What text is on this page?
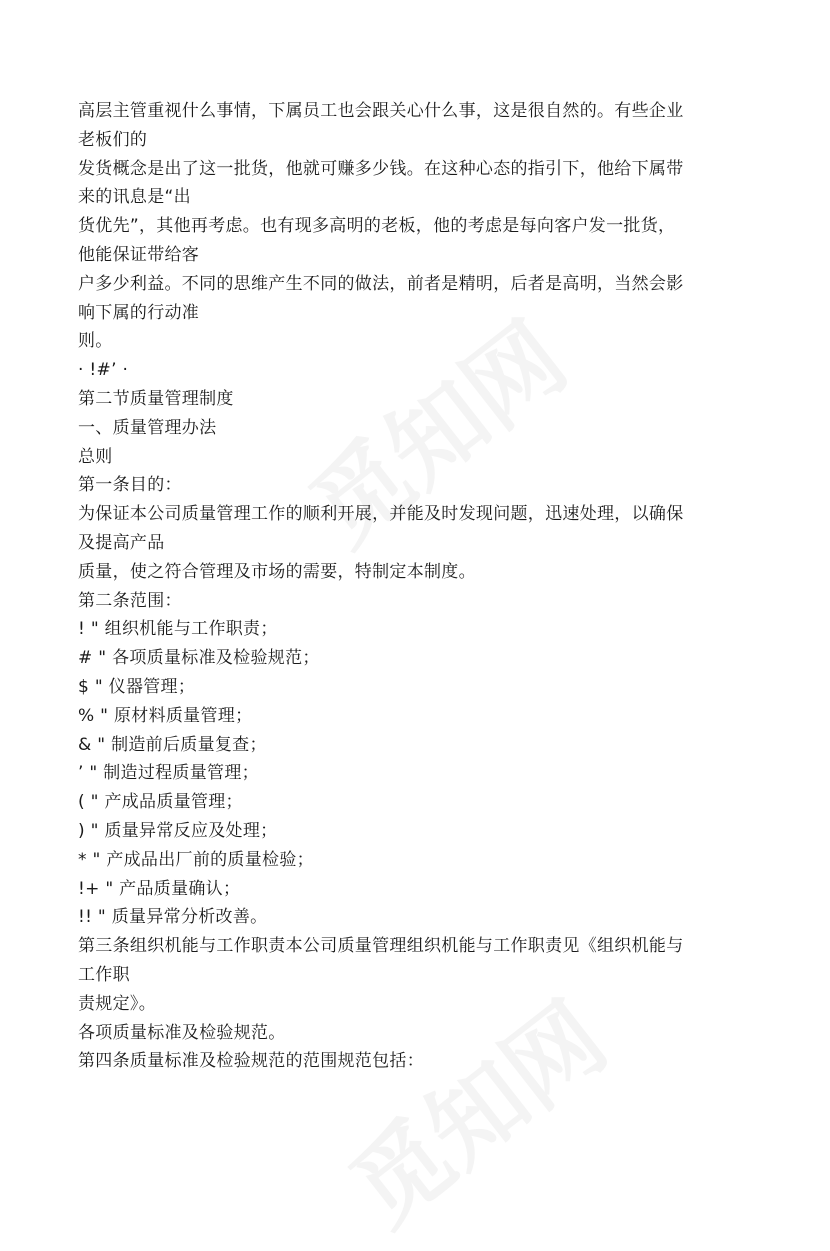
高层主管重视什么事情，下属员工也会跟关心什么事，这是很自然的。有些企业
老板们的
发货概念是出了这一批货，他就可赚多少钱。在这种心态的指引下，他给下属带
来的讯息是“出
货优先”，其他再考虑。也有现多高明的老板，他的考虑是每向客户发一批货，
他能保证带给客
户多少利益。不同的思维产生不同的做法，前者是精明，后者是高明，当然会影
响下属的行动准
则。
· !#’ ·
第二节质量管理制度
一、质量管理办法
总则
第一条目的：
为保证本公司质量管理工作的顺利开展，并能及时发现问题，迅速处理，以确保
及提高产品
质量，使之符合管理及市场的需要，特制定本制度。
第二条范围：
! " 组织机能与工作职责；
# " 各项质量标准及检验规范；
$ " 仪器管理；
% " 原材料质量管理；
& " 制造前后质量复查；
’ " 制造过程质量管理；
( " 产成品质量管理；
) " 质量异常反应及处理；
* " 产成品出厂前的质量检验；
!+ " 产品质量确认；
!! " 质量异常分析改善。
第三条组织机能与工作职责本公司质量管理组织机能与工作职责见《组织机能与
工作职
责规定》。
各项质量标准及检验规范。
第四条质量标准及检验规范的范围规范包括：
